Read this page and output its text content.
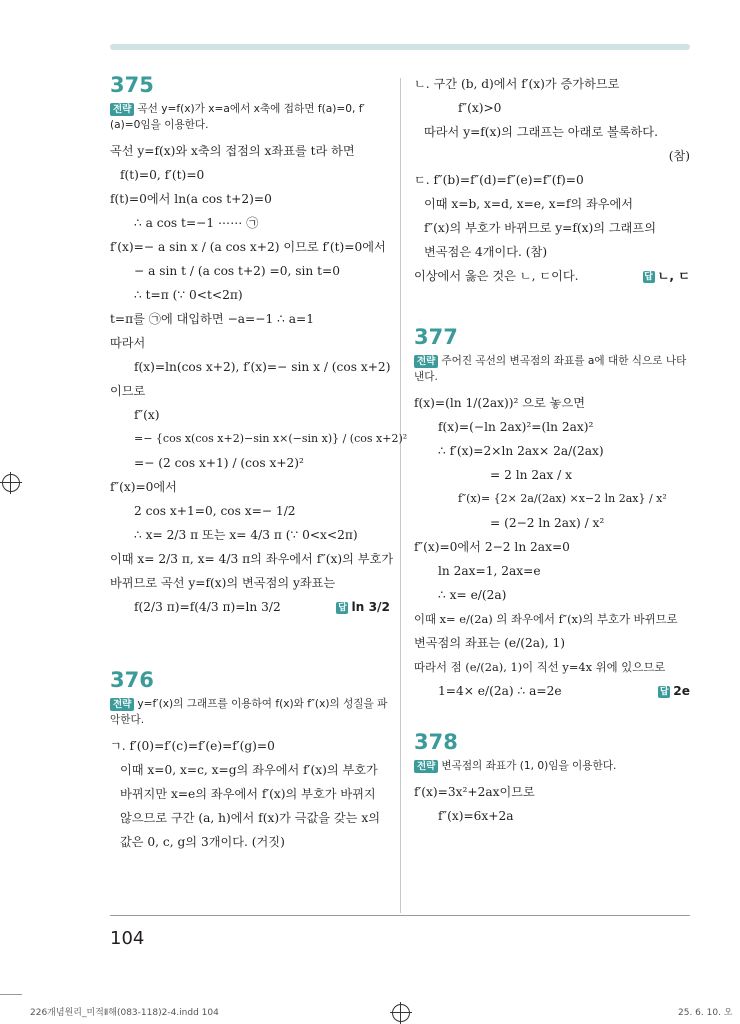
375
전략 곡선 y=f(x)가 x=a에서 x축에 접하면 f(a)=0, f′(a)=0임을 이용한다.
곡선 y=f(x)와 x축의 접점의 x좌표를 t라 하면
f(t)=0, f′(t)=0
f(t)=0에서 ln(a cos t+2)=0
∴ a cos t=−1 ⋯⋯ ㉠
f′(x)=− a sin x / (a cos x+2) 이므로 f′(t)=0에서
− a sin t / (a cos t+2) =0, sin t=0
∴ t=π (∵ 0<t<2π)
t=π를 ㉠에 대입하면 −a=−1 ∴ a=1
따라서
f(x)=ln(cos x+2), f′(x)=− sin x / (cos x+2)
이므로
f″(x)
=− {cos x(cos x+2)−sin x×(−sin x)} / (cos x+2)²
=− (2 cos x+1) / (cos x+2)²
f″(x)=0에서
2 cos x+1=0, cos x=− 1/2
∴ x= 2/3 π 또는 x= 4/3 π (∵ 0<x<2π)
이때 x= 2/3 π, x= 4/3 π의 좌우에서 f″(x)의 부호가
바뀌므로 곡선 y=f(x)의 변곡점의 y좌표는
f(2/3 π)=f(4/3 π)=ln 3/2	답 ln 3/2
376
전략 y=f′(x)의 그래프를 이용하여 f(x)와 f″(x)의 성질을 파악한다.
ㄱ. f′(0)=f′(c)=f′(e)=f′(g)=0
이때 x=0, x=c, x=g의 좌우에서 f′(x)의 부호가 바뀌지만 x=e의 좌우에서 f′(x)의 부호가 바뀌지 않으므로 구간 (a, h)에서 f(x)가 극값을 갖는 x의 값은 0, c, g의 3개이다. (거짓)
ㄴ. 구간 (b, d)에서 f′(x)가 증가하므로
f″(x)>0
따라서 y=f(x)의 그래프는 아래로 볼록하다.
(참)
ㄷ. f″(b)=f″(d)=f″(e)=f″(f)=0
이때 x=b, x=d, x=e, x=f의 좌우에서
f″(x)의 부호가 바뀌므로 y=f(x)의 그래프의
변곡점은 4개이다. (참)
이상에서 옳은 것은 ㄴ, ㄷ이다.	답 ㄴ, ㄷ
377
전략 주어진 곡선의 변곡점의 좌표를 a에 대한 식으로 나타낸다.
f(x)=(ln 1/(2ax))² 으로 놓으면
f(x)=(−ln 2ax)²=(ln 2ax)²
∴ f′(x)=2×ln 2ax× 2a/(2ax)
= 2 ln 2ax / x
f″(x)= {2× 2a/(2ax) ×x−2 ln 2ax} / x²
= (2−2 ln 2ax) / x²
f″(x)=0에서 2−2 ln 2ax=0
ln 2ax=1, 2ax=e
∴ x= e/(2a)
이때 x= e/(2a) 의 좌우에서 f″(x)의 부호가 바뀌므로
변곡점의 좌표는 (e/(2a), 1)
따라서 점 (e/(2a), 1)이 직선 y=4x 위에 있으므로
1=4× e/(2a) ∴ a=2e	답 2e
378
전략 변곡점의 좌표가 (1, 0)임을 이용한다.
f′(x)=3x²+2ax이므로
f″(x)=6x+2a
104
226개념원리_미적Ⅱ해(083-118)2-4.indd 104	25. 6. 10. 오
